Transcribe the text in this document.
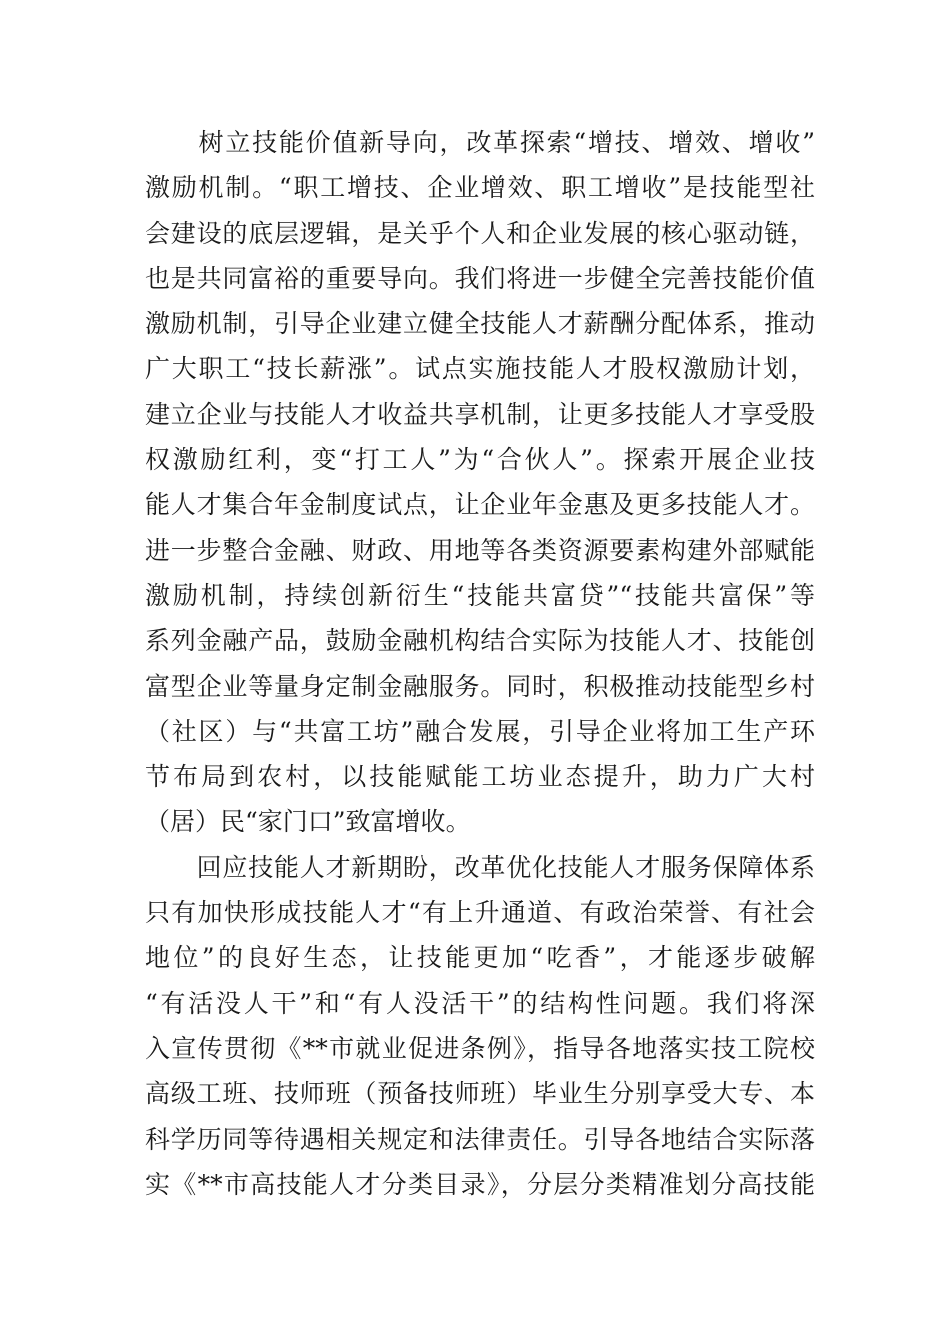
　　树立技能价值新导向，改革探索“增技、增效、增收”
激励机制。“职工增技、企业增效、职工增收”是技能型社
会建设的底层逻辑，是关乎个人和企业发展的核心驱动链，
也是共同富裕的重要导向。我们将进一步健全完善技能价值
激励机制，引导企业建立健全技能人才薪酬分配体系，推动
广大职工“技长薪涨”。试点实施技能人才股权激励计划，
建立企业与技能人才收益共享机制，让更多技能人才享受股
权激励红利，变“打工人”为“合伙人”。探索开展企业技
能人才集合年金制度试点，让企业年金惠及更多技能人才。
进一步整合金融、财政、用地等各类资源要素构建外部赋能
激励机制，持续创新衍生“技能共富贷”“技能共富保”等
系列金融产品，鼓励金融机构结合实际为技能人才、技能创
富型企业等量身定制金融服务。同时，积极推动技能型乡村
（社区）与“共富工坊”融合发展，引导企业将加工生产环
节布局到农村，以技能赋能工坊业态提升，助力广大村
（居）民“家门口”致富增收。
　　回应技能人才新期盼，改革优化技能人才服务保障体系
只有加快形成技能人才“有上升通道、有政治荣誉、有社会
地位”的良好生态，让技能更加“吃香”，才能逐步破解
“有活没人干”和“有人没活干”的结构性问题。我们将深
入宣传贯彻《**市就业促进条例》，指导各地落实技工院校
高级工班、技师班（预备技师班）毕业生分别享受大专、本
科学历同等待遇相关规定和法律责任。引导各地结合实际落
实《**市高技能人才分类目录》，分层分类精准划分高技能
